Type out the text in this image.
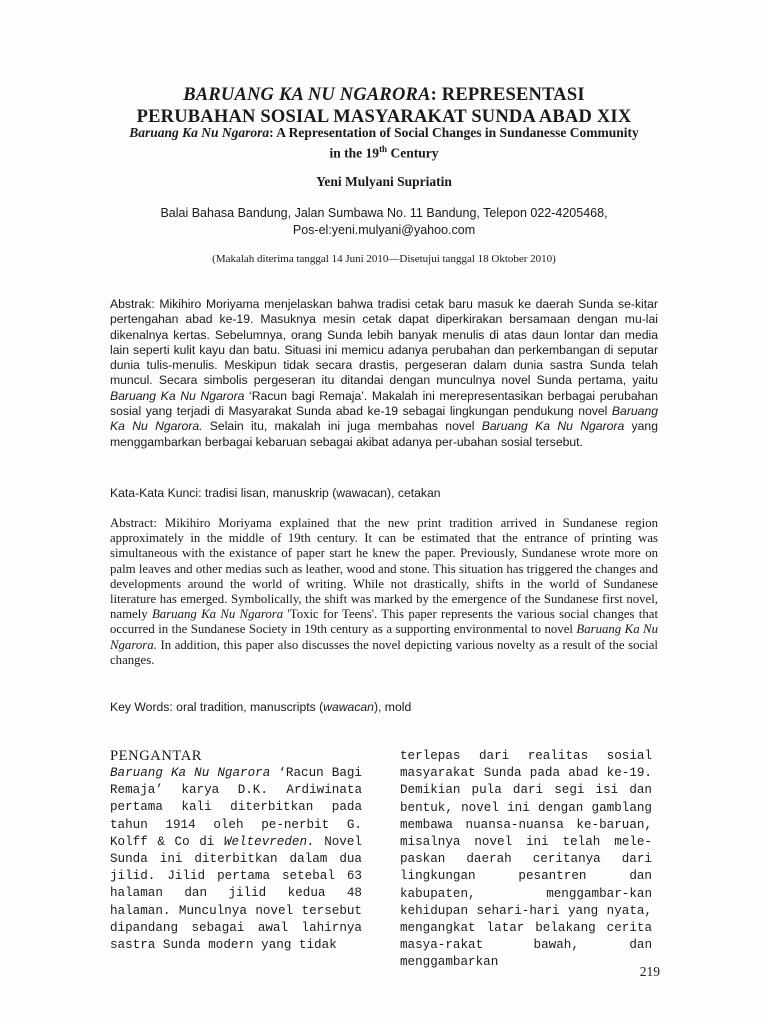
BARUANG KA NU NGARORA: REPRESENTASI
PERUBAHAN SOSIAL MASYARAKAT SUNDA ABAD XIX
Baruang Ka Nu Ngarora: A Representation of Social Changes in Sundanesse Community
in the 19th Century
Yeni Mulyani Supriatin
Balai Bahasa Bandung, Jalan Sumbawa No. 11 Bandung, Telepon 022-4205468,
Pos-el:yeni.mulyani@yahoo.com
(Makalah diterima tanggal 14 Juni 2010—Disetujui tanggal 18 Oktober 2010)

Abstrak: Mikihiro Moriyama menjelaskan bahwa tradisi cetak baru masuk ke daerah Sunda se-kitar pertengahan abad ke-19. Masuknya mesin cetak dapat diperkirakan bersamaan dengan mu-lai dikenalnya kertas. Sebelumnya, orang Sunda lebih banyak menulis di atas daun lontar dan media lain seperti kulit kayu dan batu. Situasi ini memicu adanya perubahan dan perkembangan di seputar dunia tulis-menulis. Meskipun tidak secara drastis, pergeseran dalam dunia sastra Sunda telah muncul. Secara simbolis pergeseran itu ditandai dengan munculnya novel Sunda pertama, yaitu Baruang Ka Nu Ngarora ‘Racun bagi Remaja’. Makalah ini merepresentasikan berbagai perubahan sosial yang terjadi di Masyarakat Sunda abad ke-19 sebagai lingkungan pendukung novel Baruang Ka Nu Ngarora. Selain itu, makalah ini juga membahas novel Baruang Ka Nu Ngarora yang menggambarkan berbagai kebaruan sebagai akibat adanya per-ubahan sosial tersebut.

Kata-Kata Kunci: tradisi lisan, manuskrip (wawacan), cetakan

Abstract: Mikihiro Moriyama explained that the new print tradition arrived in Sundanese region approximately in the middle of 19th century. It can be estimated that the entrance of printing was simultaneous with the existance of paper start he knew the paper. Previously, Sundanese wrote more on palm leaves and other medias such as leather, wood and stone. This situation has triggered the changes and developments around the world of writing. While not drastically, shifts in the world of Sundanese literature has emerged. Symbolically, the shift was marked by the emergence of the Sundanese first novel, namely Baruang Ka Nu Ngarora 'Toxic for Teens'. This paper represents the various social changes that occurred in the Sundanese Society in 19th century as a supporting environmental to novel Baruang Ka Nu Ngarora. In addition, this paper also discusses the novel depicting various novelty as a result of the social changes.

Key Words: oral tradition, manuscripts (wawacan), mold

PENGANTAR

Baruang Ka Nu Ngarora ‘Racun Bagi Remaja’ karya D.K. Ardiwinata pertama kali diterbitkan pada tahun 1914 oleh pe-nerbit G. Kolff & Co di Weltevreden. Novel Sunda ini diterbitkan dalam dua jilid. Jilid pertama setebal 63 halaman dan jilid kedua 48 halaman. Munculnya novel tersebut dipandang sebagai awal lahirnya sastra Sunda modern yang tidak

terlepas dari realitas sosial masyarakat Sunda pada abad ke-19. Demikian pula dari segi isi dan bentuk, novel ini dengan gamblang membawa nuansa-nuansa ke-baruan, misalnya novel ini telah mele-paskan daerah ceritanya dari lingkungan pesantren dan kabupaten, menggambar-kan kehidupan sehari-hari yang nyata, mengangkat latar belakang cerita masya-rakat bawah, dan menggambarkan

219
